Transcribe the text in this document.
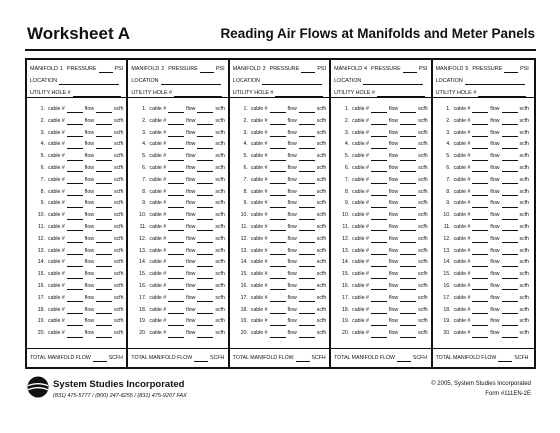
Worksheet A	Reading Air Flows at Manifolds and Meter Panels
MANIFOLD 1 PRESSURE	PSI
LOCATION
UTILITY HOLE #
1. cable #	flow	scfh
2. cable #	flow	scfh
3. cable #	flow	scfh
4. cable #	flow	scfh
5. cable #	flow	scfh
6. cable #	flow	scfh
7. cable #	flow	scfh
8. cable #	flow	scfh
9. cable #	flow	scfh
10. cable #	flow	scfh
11. cable #	flow	scfh
12. cable #	flow	scfh
13. cable #	flow	scfh
14. cable #	flow	scfh
15. cable #	flow	scfh
16. cable #	flow	scfh
17. cable #	flow	scfh
18. cable #	flow	scfh
19. cable #	flow	scfh
20. cable #	flow	scfh
TOTAL MANIFOLD FLOW	SCFH
MANIFOLD 2 PRESSURE	PSI
LOCATION
UTILITY HOLE #
1. cable #	flow	scfh
2. cable #	flow	scfh
3. cable #	flow	scfh
4. cable #	flow	scfh
5. cable #	flow	scfh
6. cable #	flow	scfh
7. cable #	flow	scfh
8. cable #	flow	scfh
9. cable #	flow	scfh
10. cable #	flow	scfh
11. cable #	flow	scfh
12. cable #	flow	scfh
13. cable #	flow	scfh
14. cable #	flow	scfh
15. cable #	flow	scfh
16. cable #	flow	scfh
17. cable #	flow	scfh
18. cable #	flow	scfh
19. cable #	flow	scfh
20. cable #	flow	scfh
TOTAL MANIFOLD FLOW	SCFH
MANIFOLD 3 PRESSURE	PSI
LOCATION
UTILITY HOLE #
1. cable #	flow	scfh
2. cable #	flow	scfh
3. cable #	flow	scfh
4. cable #	flow	scfh
5. cable #	flow	scfh
6. cable #	flow	scfh
7. cable #	flow	scfh
8. cable #	flow	scfh
9. cable #	flow	scfh
10. cable #	flow	scfh
11. cable #	flow	scfh
12. cable #	flow	scfh
13. cable #	flow	scfh
14. cable #	flow	scfh
15. cable #	flow	scfh
16. cable #	flow	scfh
17. cable #	flow	scfh
18. cable #	flow	scfh
19. cable #	flow	scfh
20. cable #	flow	scfh
TOTAL MANIFOLD FLOW	SCFH
MANIFOLD 4 PRESSURE	PSI
LOCATION
UTILITY HOLE #
1. cable #	flow	scfh
2. cable #	flow	scfh
3. cable #	flow	scfh
4. cable #	flow	scfh
5. cable #	flow	scfh
6. cable #	flow	scfh
7. cable #	flow	scfh
8. cable #	flow	scfh
9. cable #	flow	scfh
10. cable #	flow	scfh
11. cable #	flow	scfh
12. cable #	flow	scfh
13. cable #	flow	scfh
14. cable #	flow	scfh
15. cable #	flow	scfh
16. cable #	flow	scfh
17. cable #	flow	scfh
18. cable #	flow	scfh
19. cable #	flow	scfh
20. cable #	flow	scfh
TOTAL MANIFOLD FLOW	SCFH
MANIFOLD 5 PRESSURE	PSI
LOCATION
UTILITY HOLE #
1. cable #	flow	scfh
2. cable #	flow	scfh
3. cable #	flow	scfh
4. cable #	flow	scfh
5. cable #	flow	scfh
6. cable #	flow	scfh
7. cable #	flow	scfh
8. cable #	flow	scfh
9. cable #	flow	scfh
10. cable #	flow	scfh
11. cable #	flow	scfh
12. cable #	flow	scfh
13. cable #	flow	scfh
14. cable #	flow	scfh
15. cable #	flow	scfh
16. cable #	flow	scfh
17. cable #	flow	scfh
18. cable #	flow	scfh
19. cable #	flow	scfh
20. cable #	flow	scfh
TOTAL MANIFOLD FLOW	SCFH
System Studies Incorporated
(831) 475-5777 / (800) 247-8255 / (831) 475-9207 FAX
© 2005, System Studies Incorporated
Form #111EN-2E
